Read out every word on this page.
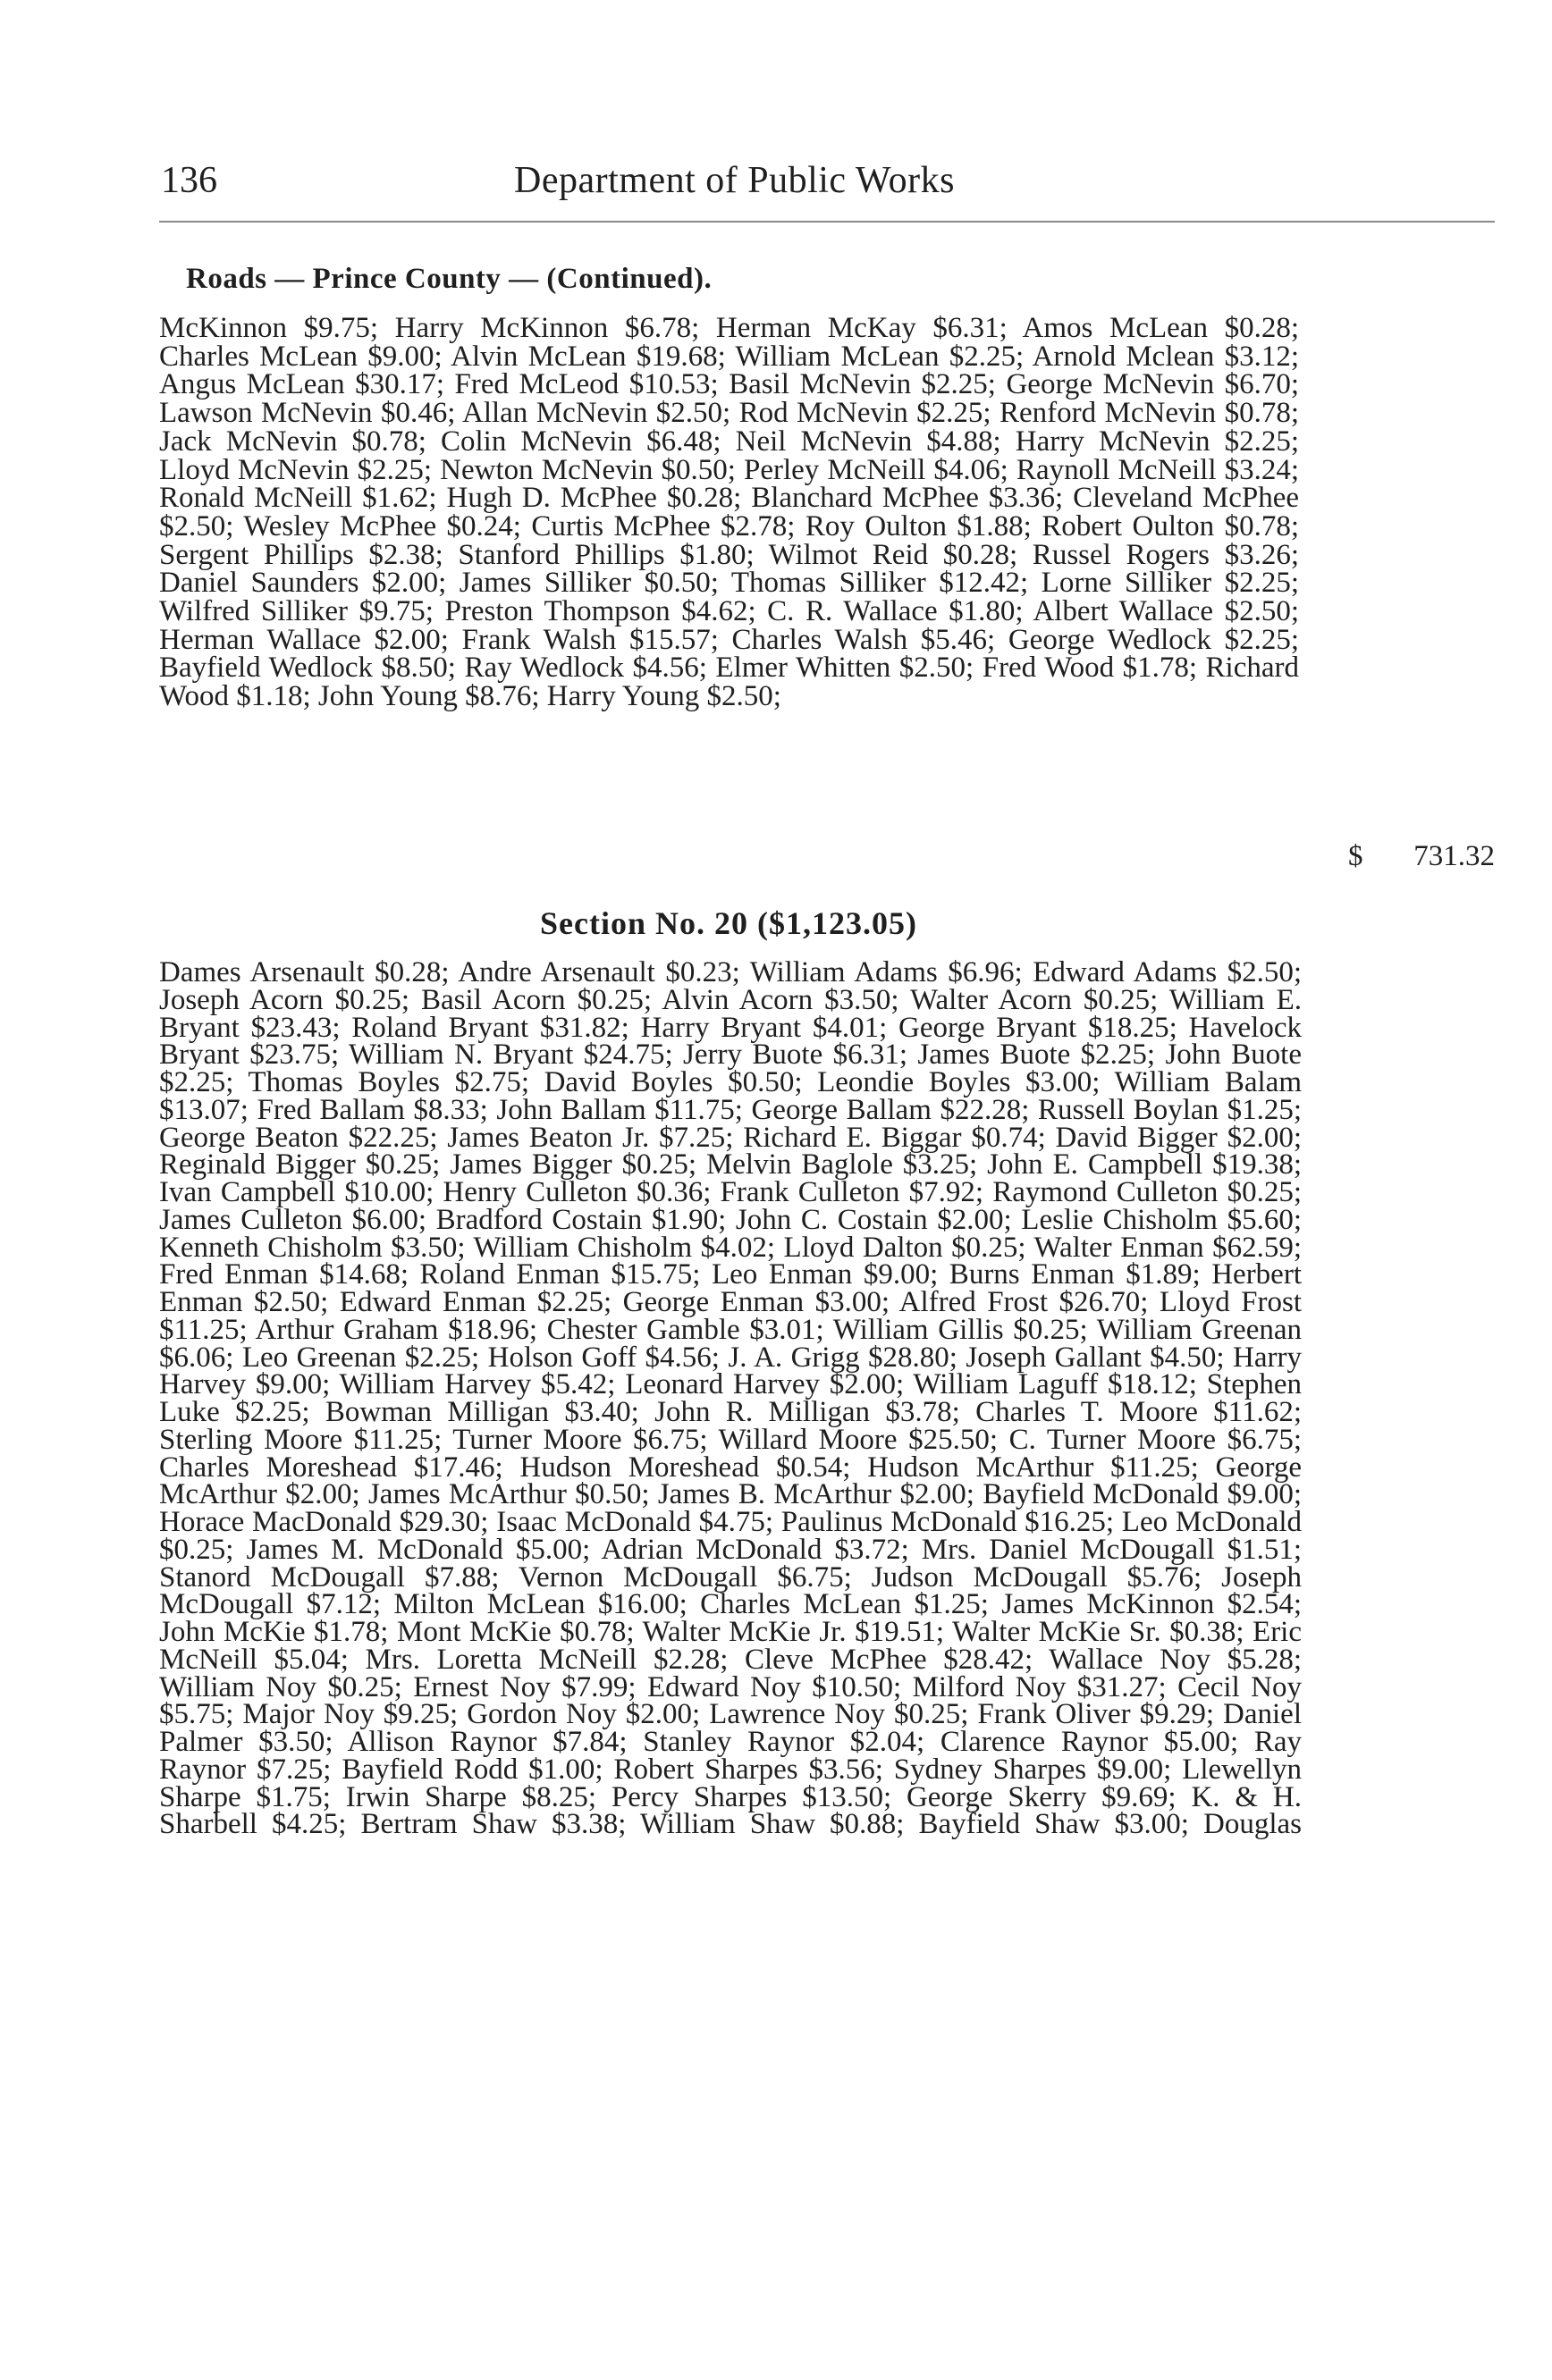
136	Department of Public Works
Roads — Prince County — (Continued).

McKinnon $9.75; Harry McKinnon $6.78; Herman McKay $6.31; Amos McLean $0.28; Charles McLean $9.00; Alvin McLean $19.68; William McLean $2.25; Arnold Mclean $3.12; Angus McLean $30.17; Fred McLeod $10.53; Basil McNevin $2.25; George McNevin $6.70; Lawson McNevin $0.46; Allan McNevin $2.50; Rod McNevin $2.25; Renford McNevin $0.78; Jack McNevin $0.78; Colin McNevin $6.48; Neil McNevin $4.88; Harry McNevin $2.25; Lloyd McNevin $2.25; Newton McNevin $0.50; Perley McNeill $4.06; Raynoll McNeill $3.24; Ronald McNeill $1.62; Hugh D. McPhee $0.28; Blanchard McPhee $3.36; Cleveland McPhee $2.50; Wesley McPhee $0.24; Curtis McPhee $2.78; Roy Oulton $1.88; Robert Oulton $0.78; Sergent Phillips $2.38; Stanford Phillips $1.80; Wilmot Reid $0.28; Russel Rogers $3.26; Daniel Saunders $2.00; James Silliker $0.50; Thomas Silliker $12.42; Lorne Silliker $2.25; Wilfred Silliker $9.75; Preston Thompson $4.62; C. R. Wallace $1.80; Albert Wallace $2.50; Herman Wallace $2.00; Frank Walsh $15.57; Charles Walsh $5.46; George Wedlock $2.25; Bayfield Wedlock $8.50; Ray Wedlock $4.56; Elmer Whitten $2.50; Fred Wood $1.78; Richard Wood $1.18; John Young $8.76; Harry Young $2.50;

$ 731.32
Section No. 20 ($1,123.05)

Dames Arsenault $0.28; Andre Arsenault $0.23; William Adams $6.96; Edward Adams $2.50; Joseph Acorn $0.25; Basil Acorn $0.25; Alvin Acorn $3.50; Walter Acorn $0.25; William E. Bryant $23.43; Roland Bryant $31.82; Harry Bryant $4.01; George Bryant $18.25; Havelock Bryant $23.75; William N. Bryant $24.75; Jerry Buote $6.31; James Buote $2.25; John Buote $2.25; Thomas Boyles $2.75; David Boyles $0.50; Leondie Boyles $3.00; William Balam $13.07; Fred Ballam $8.33; John Ballam $11.75; George Ballam $22.28; Russell Boylan $1.25; George Beaton $22.25; James Beaton Jr. $7.25; Richard E. Biggar $0.74; David Bigger $2.00; Reginald Bigger $0.25; James Bigger $0.25; Melvin Baglole $3.25; John E. Campbell $19.38; Ivan Campbell $10.00; Henry Culleton $0.36; Frank Culleton $7.92; Raymond Culleton $0.25; James Culleton $6.00; Bradford Costain $1.90; John C. Costain $2.00; Leslie Chisholm $5.60; Kenneth Chisholm $3.50; William Chisholm $4.02; Lloyd Dalton $0.25; Walter Enman $62.59; Fred Enman $14.68; Roland Enman $15.75; Leo Enman $9.00; Burns Enman $1.89; Herbert Enman $2.50; Edward Enman $2.25; George Enman $3.00; Alfred Frost $26.70; Lloyd Frost $11.25; Arthur Graham $18.96; Chester Gamble $3.01; William Gillis $0.25; William Greenan $6.06; Leo Greenan $2.25; Holson Goff $4.56; J. A. Grigg $28.80; Joseph Gallant $4.50; Harry Harvey $9.00; William Harvey $5.42; Leonard Harvey $2.00; William Laguff $18.12; Stephen Luke $2.25; Bowman Milligan $3.40; John R. Milligan $3.78; Charles T. Moore $11.62; Sterling Moore $11.25; Turner Moore $6.75; Willard Moore $25.50; C. Turner Moore $6.75; Charles Moreshead $17.46; Hudson Moreshead $0.54; Hudson McArthur $11.25; George McArthur $2.00; James McArthur $0.50; James B. McArthur $2.00; Bayfield McDonald $9.00; Horace MacDonald $29.30; Isaac McDonald $4.75; Paulinus McDonald $16.25; Leo McDonald $0.25; James M. McDonald $5.00; Adrian McDonald $3.72; Mrs. Daniel McDougall $1.51; Stanord McDougall $7.88; Vernon McDougall $6.75; Judson McDougall $5.76; Joseph McDougall $7.12; Milton McLean $16.00; Charles McLean $1.25; James McKinnon $2.54; John McKie $1.78; Mont McKie $0.78; Walter McKie Jr. $19.51; Walter McKie Sr. $0.38; Eric McNeill $5.04; Mrs. Loretta McNeill $2.28; Cleve McPhee $28.42; Wallace Noy $5.28; William Noy $0.25; Ernest Noy $7.99; Edward Noy $10.50; Milford Noy $31.27; Cecil Noy $5.75; Major Noy $9.25; Gordon Noy $2.00; Lawrence Noy $0.25; Frank Oliver $9.29; Daniel Palmer $3.50; Allison Raynor $7.84; Stanley Raynor $2.04; Clarence Raynor $5.00; Ray Raynor $7.25; Bayfield Rodd $1.00; Robert Sharpes $3.56; Sydney Sharpes $9.00; Llewellyn Sharpe $1.75; Irwin Sharpe $8.25; Percy Sharpes $13.50; George Skerry $9.69; K. & H. Sharbell $4.25; Bertram Shaw $3.38; William Shaw $0.88; Bayfield Shaw $3.00; Douglas
